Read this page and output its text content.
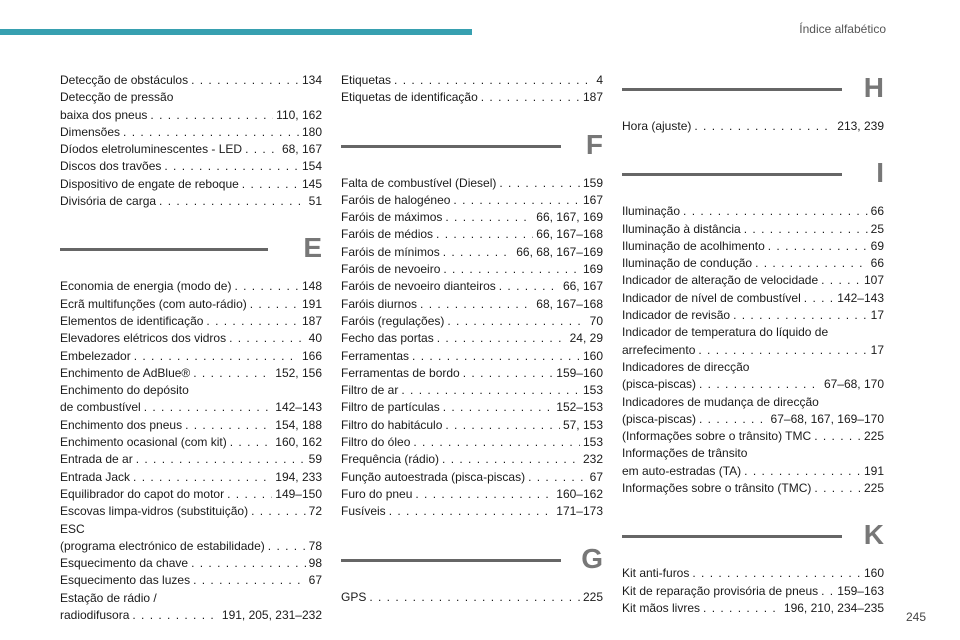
Índice alfabético
Detecção de obstáculos . . .	134
Detecção de pressão
baixa dos pneus . . .	110, 162
Dimensões . . .	180
Díodos eletroluminescentes - LED . . .	68, 167
Discos dos travões . . .	154
Dispositivo de engate de reboque . . .	145
Divisória de carga . . .	51
E
Economia de energia (modo de) . . .	148
Ecrã multifunções (com auto-rádio) . . .	191
Elementos de identificação . . .	187
Elevadores elétricos dos vidros . . .	40
Embelezador . . .	166
Enchimento de AdBlue® . . .	152, 156
Enchimento do depósito
de combustível . . .	142–143
Enchimento dos pneus . . .	154, 188
Enchimento ocasional (com kit) . . .	160, 162
Entrada de ar . . .	59
Entrada Jack . . .	194, 233
Equilibrador do capot do motor . . .	149–150
Escovas limpa-vidros (substituição) . . .	72
ESC
(programa electrónico de estabilidade) . . .	78
Esquecimento da chave . . .	98
Esquecimento das luzes . . .	67
Estação de rádio /
radiodifusora . . .	191, 205, 231–232
Etiquetas . . .	4
Etiquetas de identificação . . .	187
F
Falta de combustível (Diesel) . . .	159
Faróis de halogéneo . . .	167
Faróis de máximos . . .	66, 167, 169
Faróis de médios . . .	66, 167–168
Faróis de mínimos . . .	66, 68, 167–169
Faróis de nevoeiro . . .	169
Faróis de nevoeiro dianteiros . . .	66, 167
Faróis diurnos . . .	68, 167–168
Faróis (regulações) . . .	70
Fecho das portas . . .	24, 29
Ferramentas . . .	160
Ferramentas de bordo . . .	159–160
Filtro de ar . . .	153
Filtro de partículas . . .	152–153
Filtro do habitáculo . . .	57, 153
Filtro do óleo . . .	153
Frequência (rádio) . . .	232
Função autoestrada (pisca-piscas) . . .	67
Furo do pneu . . .	160–162
Fusíveis . . .	171–173
G
GPS . . .	225
H
Hora (ajuste) . . .	213, 239
I
Iluminação . . .	66
Iluminação à distância . . .	25
Iluminação de acolhimento . . .	69
Iluminação de condução . . .	66
Indicador de alteração de velocidade . . .	107
Indicador de nível de combustível . . .	142–143
Indicador de revisão . . .	17
Indicador de temperatura do líquido de
arrefecimento . . .	17
Indicadores de direcção
(pisca-piscas) . . .	67–68, 170
Indicadores de mudança de direcção
(pisca-piscas) . . .	67–68, 167, 169–170
(Informações sobre o trânsito) TMC . . .	225
Informações de trânsito
em auto-estradas (TA) . . .	191
Informações sobre o trânsito (TMC) . . .	225
K
Kit anti-furos . . .	160
Kit de reparação provisória de pneus . . . 159–163
Kit mãos livres . . .	196, 210, 234–235
245
